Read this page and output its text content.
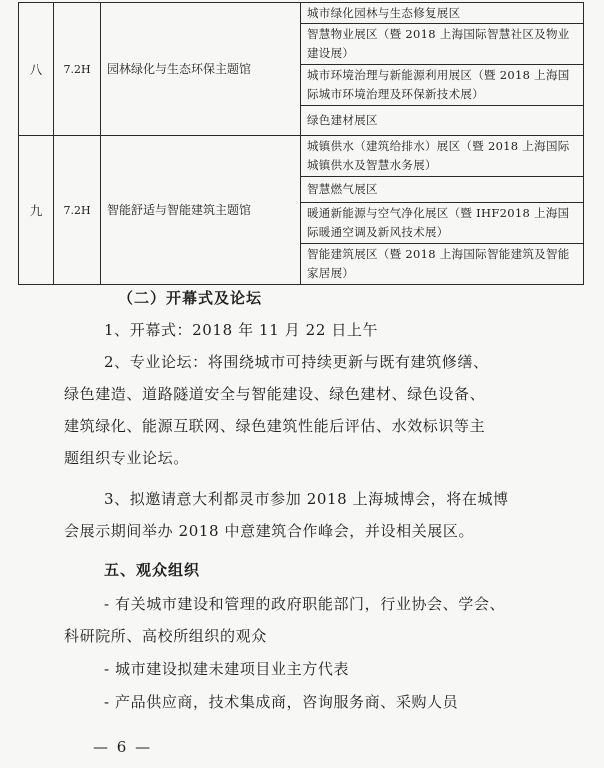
八	7.2H	园林绿化与生态环保主题馆	城市绿化园林与生态修复展区
			智慧物业展区（暨 2018 上海国际智慧社区及物业建设展）
			城市环境治理与新能源利用展区（暨 2018 上海国际城市环境治理及环保新技术展）
			绿色建材展区
九	7.2H	智能舒适与智能建筑主题馆	城镇供水（建筑给排水）展区（暨 2018 上海国际城镇供水及智慧水务展）
			智慧燃气展区
			暖通新能源与空气净化展区（暨 IHF2018 上海国际暖通空调及新风技术展）
			智能建筑展区（暨 2018 上海国际智能建筑及智能家居展）
（二）开幕式及论坛
1、开幕式：2018 年 11 月 22 日上午
2、专业论坛：将围绕城市可持续更新与既有建筑修缮、
绿色建造、道路隧道安全与智能建设、绿色建材、绿色设备、
建筑绿化、能源互联网、绿色建筑性能后评估、水效标识等主
题组织专业论坛。
3、拟邀请意大利都灵市参加 2018 上海城博会，将在城博
会展示期间举办 2018 中意建筑合作峰会，并设相关展区。
五、观众组织
- 有关城市建设和管理的政府职能部门，行业协会、学会、
科研院所、高校所组织的观众
- 城市建设拟建未建项目业主方代表
- 产品供应商，技术集成商，咨询服务商、采购人员
— 6 —
